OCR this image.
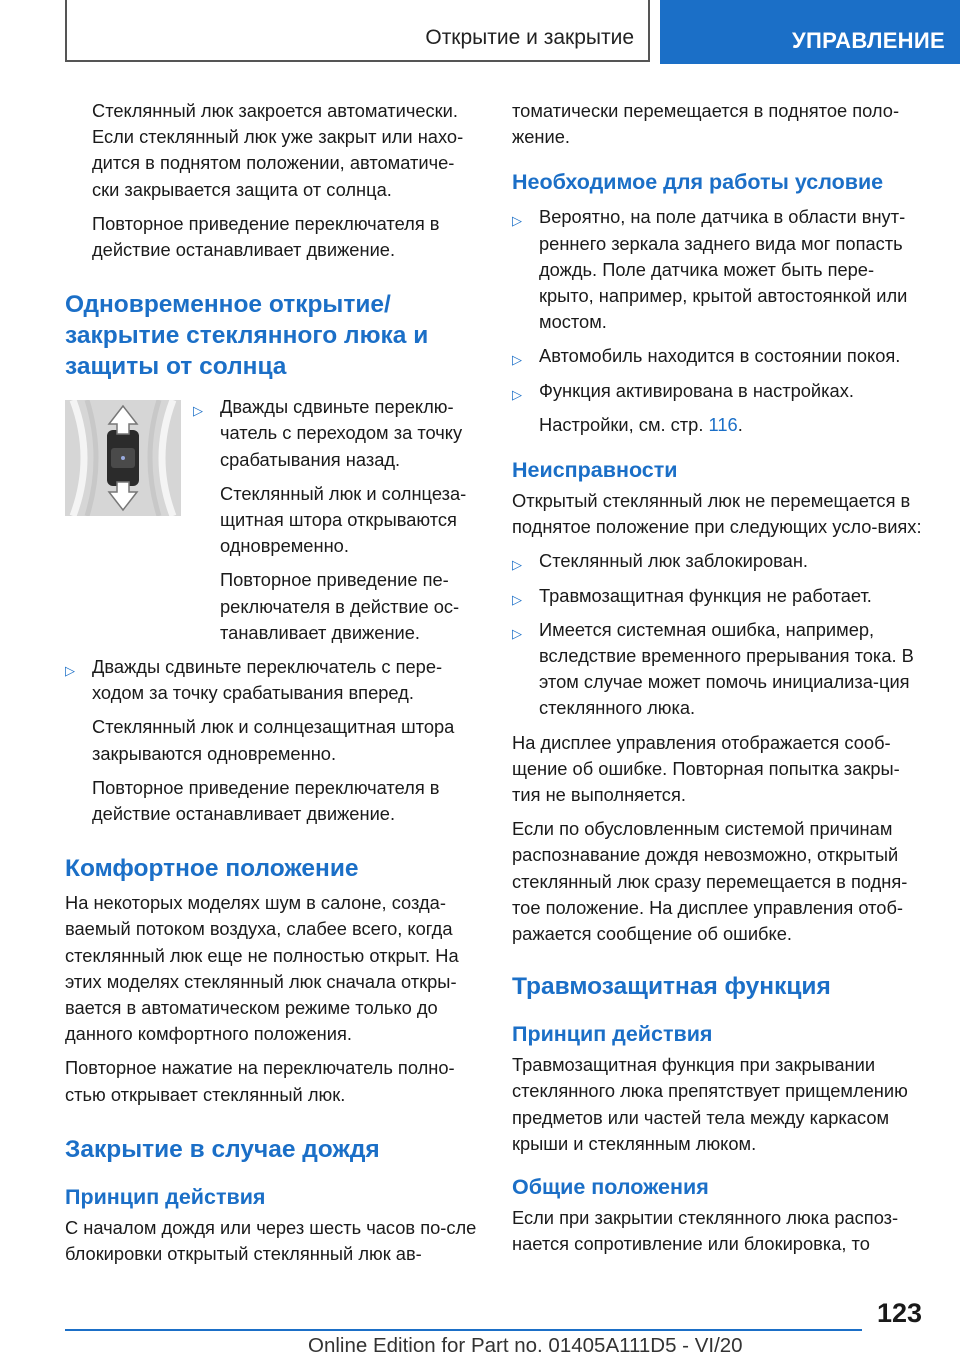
Открытие и закрытие	УПРАВЛЕНИЕ

Стеклянный люк закроется автоматически. Если стеклянный люк уже закрыт или нахо-дится в поднятом положении, автоматиче-ски закрывается защита от солнца.

Повторное приведение переключателя в действие останавливает движение.

Одновременное открытие/ закрытие стеклянного люка и защиты от солнца
▷ Дважды сдвиньте переклю-чатель с переходом за точку срабатывания назад.

Стеклянный люк и солнцеза-щитная штора открываются одновременно.

Повторное приведение пе-реключателя в действие ос-танавливает движение.

▷ Дважды сдвиньте переключатель с пере-ходом за точку срабатывания вперед.

Стеклянный люк и солнцезащитная штора закрываются одновременно.

Повторное приведение переключателя в действие останавливает движение.

Комфортное положение

На некоторых моделях шум в салоне, созда-ваемый потоком воздуха, слабее всего, когда стеклянный люк еще не полностью открыт. На этих моделях стеклянный люк сначала откры-вается в автоматическом режиме только до данного комфортного положения.

Повторное нажатие на переключатель полно-стью открывает стеклянный люк.

Закрытие в случае дождя
Принцип действия

С началом дождя или через шесть часов по-сле блокировки открытый стеклянный люк ав-

томатически перемещается в поднятое поло-жение.

Необходимое для работы условие
▷ Вероятно, на поле датчика в области внут-реннего зеркала заднего вида мог попасть дождь. Поле датчика может быть пере-крыто, например, крытой автостоянкой или мостом.
▷ Автомобиль находится в состоянии покоя.
▷ Функция активирована в настройках.

Настройки, см. стр. 116.

Неисправности

Открытый стеклянный люк не перемещается в поднятое положение при следующих усло-виях:

▷ Стеклянный люк заблокирован.
▷ Травмозащитная функция не работает.
▷ Имеется системная ошибка, например, вследствие временного прерывания тока. В этом случае может помочь инициализа-ция стеклянного люка.

На дисплее управления отображается сооб-щение об ошибке. Повторная попытка закры-тия не выполняется.

Если по обусловленным системой причинам распознавание дождя невозможно, открытый стеклянный люк сразу перемещается в подня-тое положение. На дисплее управления отоб-ражается сообщение об ошибке.

Травмозащитная функция
Принцип действия

Травмозащитная функция при закрывании стеклянного люка препятствует прищемлению предметов или частей тела между каркасом крыши и стеклянным люком.

Общие положения

Если при закрытии стеклянного люка распоз-нается сопротивление или блокировка, то

123
Online Edition for Part no. 01405A111D5 - VI/20
